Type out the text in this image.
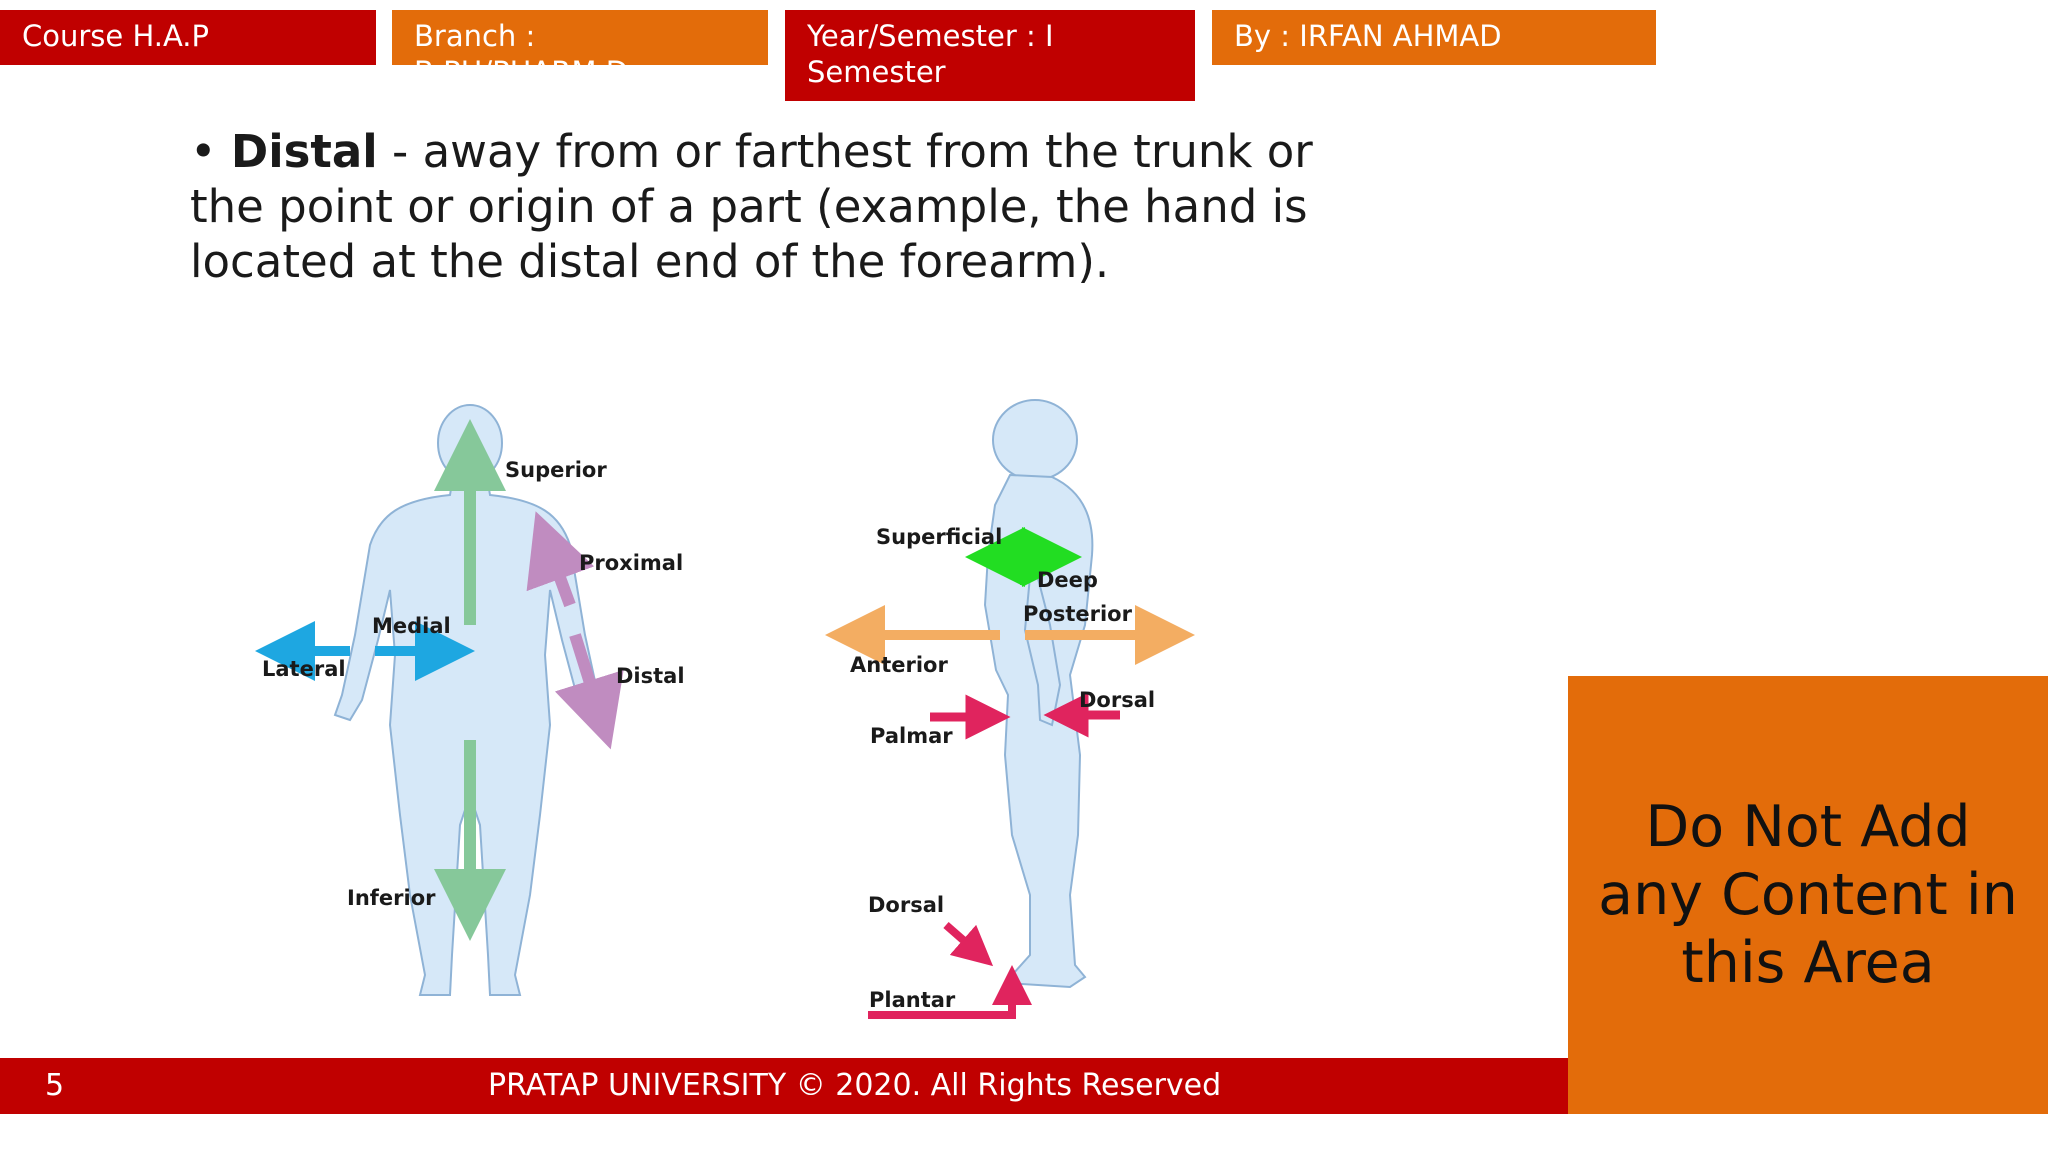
Course H.A.P	Branch : B.PH/PHARM.D
Year/Semester : I Semester
By : IRFAN AHMAD
• Distal - away from or farthest from the trunk or the point or origin of a part (example, the hand is located at the distal end of the forearm).
Superior
Proximal
Medial
Lateral	Distal
Inferior
Superficial
Deep
Posterior
Anterior
Dorsal
Palmar
Dorsal
Plantar
Do Not Add any Content in this Area
5	PRATAP UNIVERSITY © 2020. All Rights Reserved
